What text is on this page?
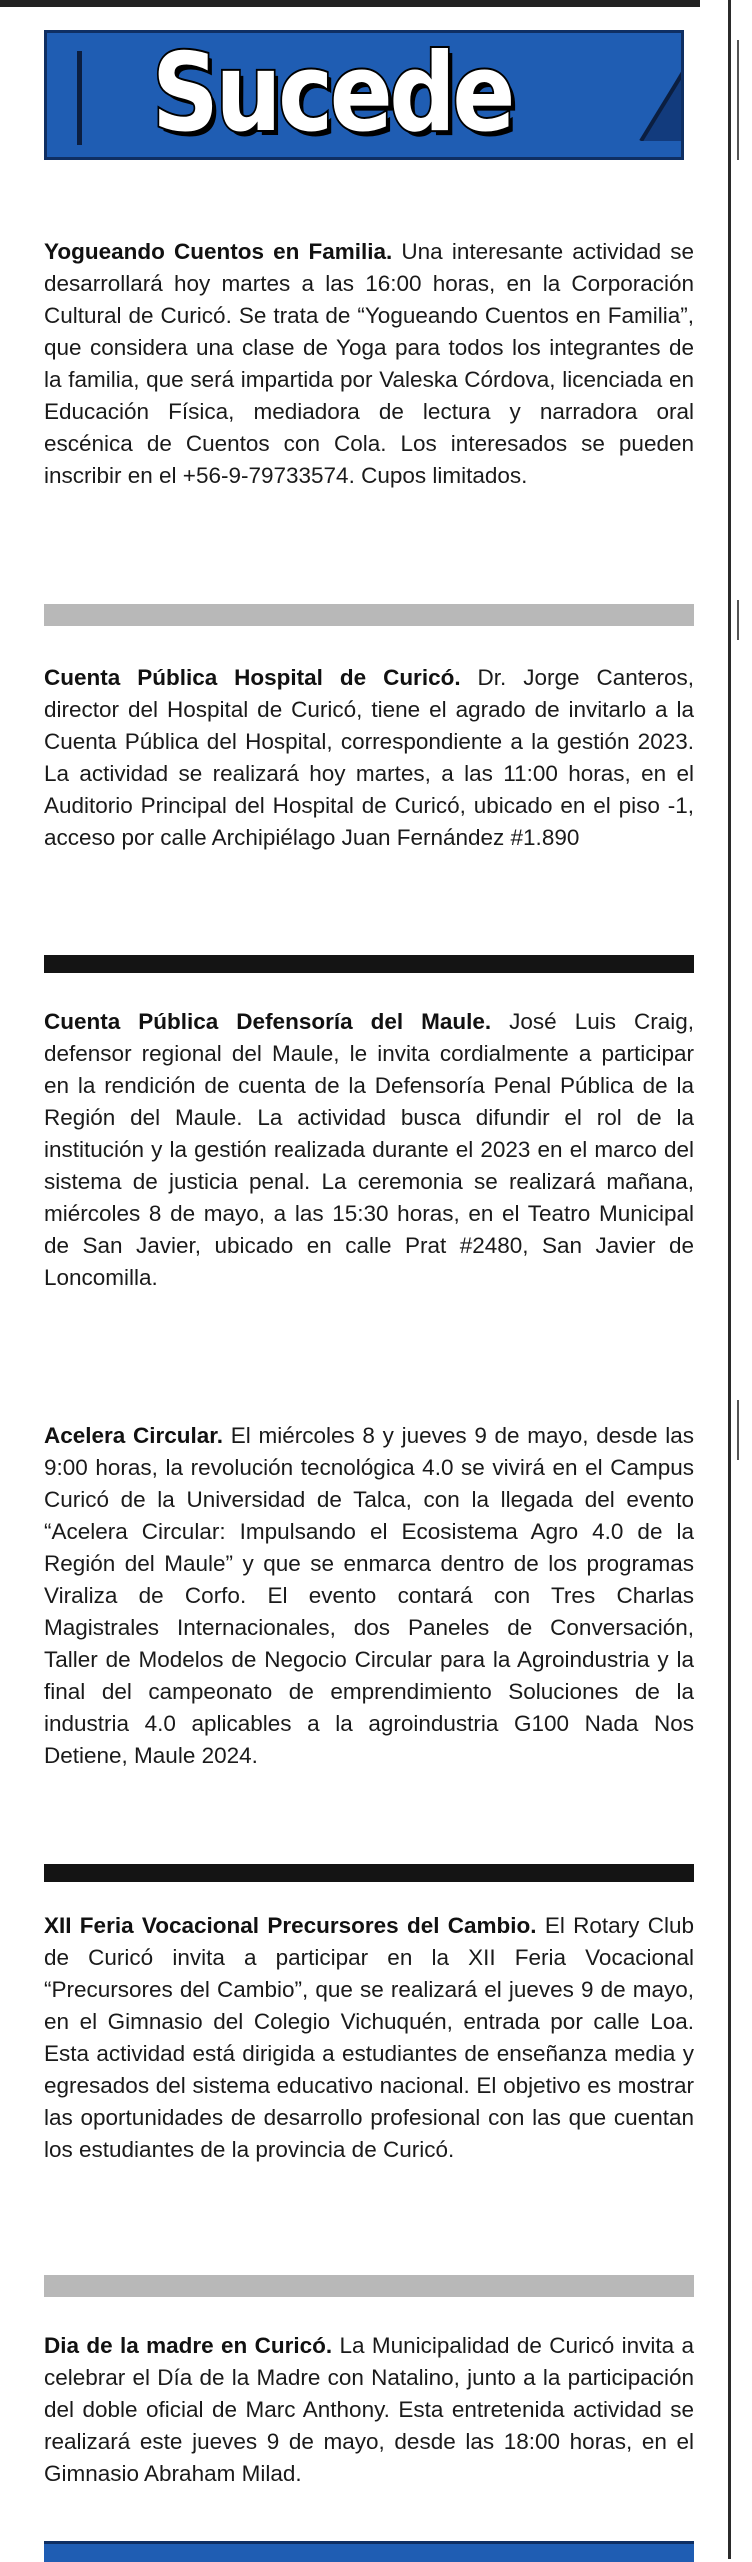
Sucede
Yogueando Cuentos en Familia. Una interesante actividad se desarrollará hoy martes a las 16:00 horas, en la Corporación Cultural de Curicó. Se trata de “Yogueando Cuentos en Familia”, que considera una clase de Yoga para todos los integrantes de la familia, que será impartida por Valeska Córdova, licenciada en Educación Física, mediadora de lectura y narradora oral escénica de Cuentos con Cola. Los interesados se pueden inscribir en el +56-9-79733574. Cupos limitados.
Cuenta Pública Hospital de Curicó. Dr. Jorge Canteros, director del Hospital de Curicó, tiene el agrado de invitarlo a la Cuenta Pública del Hospital, correspondiente a la gestión 2023. La actividad se realizará hoy martes, a las 11:00 horas, en el Auditorio Principal del Hospital de Curicó, ubicado en el piso -1, acceso por calle Archipiélago Juan Fernández #1.890
Cuenta Pública Defensoría del Maule. José Luis Craig, defensor regional del Maule, le invita cordialmente a participar en la rendición de cuenta de la Defensoría Penal Pública de la Región del Maule. La actividad busca difundir el rol de la institución y la gestión realizada durante el 2023 en el marco del sistema de justicia penal. La ceremonia se realizará mañana, miércoles 8 de mayo, a las 15:30 horas, en el Teatro Municipal de San Javier, ubicado en calle Prat #2480, San Javier de Loncomilla.
Acelera Circular. El miércoles 8 y jueves 9 de mayo, desde las 9:00 horas, la revolución tecnológica 4.0 se vivirá en el Campus Curicó de la Universidad de Talca, con la llegada del evento “Acelera Circular: Impulsando el Ecosistema Agro 4.0 de la Región del Maule” y que se enmarca dentro de los programas Viraliza de Corfo. El evento contará con Tres Charlas Magistrales Internacionales, dos Paneles de Conversación, Taller de Modelos de Negocio Circular para la Agroindustria y la final del campeonato de emprendimiento Soluciones de la industria 4.0 aplicables a la agroindustria G100 Nada Nos Detiene, Maule 2024.
XII Feria Vocacional Precursores del Cambio. El Rotary Club de Curicó invita a participar en la XII Feria Vocacional “Precursores del Cambio”, que se realizará el jueves 9 de mayo, en el Gimnasio del Colegio Vichuquén, entrada por calle Loa. Esta actividad está dirigida a estudiantes de enseñanza media y egresados del sistema educativo nacional. El objetivo es mostrar las oportunidades de desarrollo profesional con las que cuentan los estudiantes de la provincia de Curicó.
Dia de la madre en Curicó. La Municipalidad de Curicó invita a celebrar el Día de la Madre con Natalino, junto a la participación del doble oficial de Marc Anthony. Esta entretenida actividad se realizará este jueves 9 de mayo, desde las 18:00 horas, en el Gimnasio Abraham Milad.
